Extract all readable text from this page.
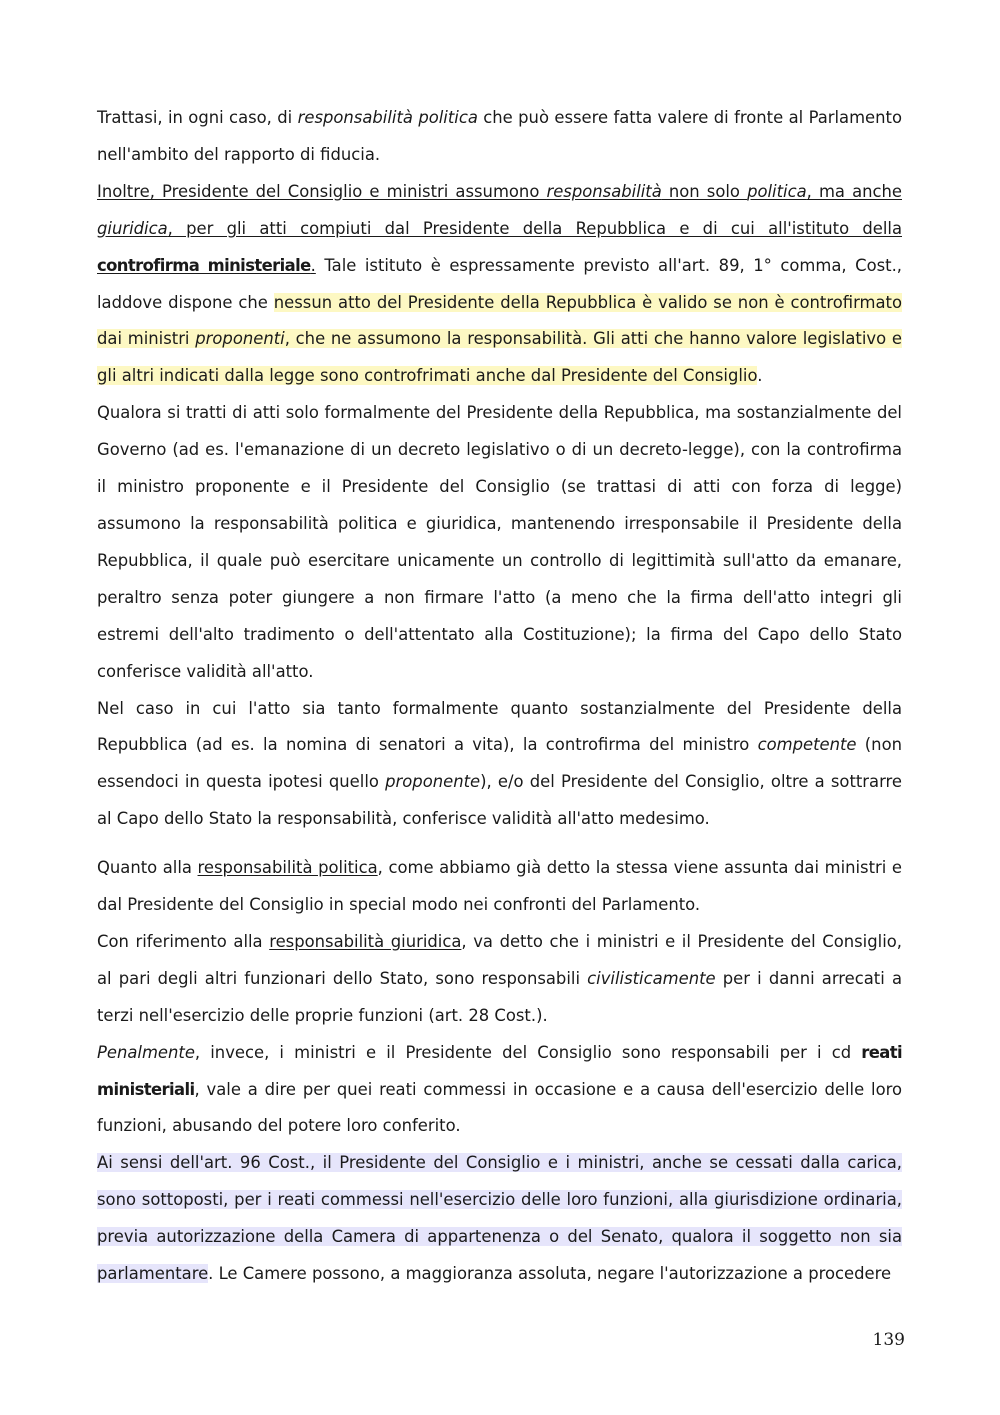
Trattasi, in ogni caso, di responsabilità politica che può essere fatta valere di fronte al Parlamento nell'ambito del rapporto di fiducia.

Inoltre, Presidente del Consiglio e ministri assumono responsabilità non solo politica, ma anche giuridica, per gli atti compiuti dal Presidente della Repubblica e di cui all'istituto della controfirma ministeriale. Tale istituto è espressamente previsto all'art. 89, 1° comma, Cost., laddove dispone che nessun atto del Presidente della Repubblica è valido se non è controfirmato dai ministri proponenti, che ne assumono la responsabilità. Gli atti che hanno valore legislativo e gli altri indicati dalla legge sono controfrimati anche dal Presidente del Consiglio.

Qualora si tratti di atti solo formalmente del Presidente della Repubblica, ma sostanzialmente del Governo (ad es. l'emanazione di un decreto legislativo o di un decreto-legge), con la controfirma il ministro proponente e il Presidente del Consiglio (se trattasi di atti con forza di legge) assumono la responsabilità politica e giuridica, mantenendo irresponsabile il Presidente della Repubblica, il quale può esercitare unicamente un controllo di legittimità sull'atto da emanare, peraltro senza poter giungere a non firmare l'atto (a meno che la firma dell'atto integri gli estremi dell'alto tradimento o dell'attentato alla Costituzione); la firma del Capo dello Stato conferisce validità all'atto.

Nel caso in cui l'atto sia tanto formalmente quanto sostanzialmente del Presidente della Repubblica (ad es. la nomina di senatori a vita), la controfirma del ministro competente (non essendoci in questa ipotesi quello proponente), e/o del Presidente del Consiglio, oltre a sottrarre al Capo dello Stato la responsabilità, conferisce validità all'atto medesimo.

Quanto alla responsabilità politica, come abbiamo già detto la stessa viene assunta dai ministri e dal Presidente del Consiglio in special modo nei confronti del Parlamento.

Con riferimento alla responsabilità giuridica, va detto che i ministri e il Presidente del Consiglio, al pari degli altri funzionari dello Stato, sono responsabili civilisticamente per i danni arrecati a terzi nell'esercizio delle proprie funzioni (art. 28 Cost.).

Penalmente, invece, i ministri e il Presidente del Consiglio sono responsabili per i cd reati ministeriali, vale a dire per quei reati commessi in occasione e a causa dell'esercizio delle loro funzioni, abusando del potere loro conferito.

Ai sensi dell'art. 96 Cost., il Presidente del Consiglio e i ministri, anche se cessati dalla carica, sono sottoposti, per i reati commessi nell'esercizio delle loro funzioni, alla giurisdizione ordinaria, previa autorizzazione della Camera di appartenenza o del Senato, qualora il soggetto non sia parlamentare. Le Camere possono, a maggioranza assoluta, negare l'autorizzazione a procedere

139
